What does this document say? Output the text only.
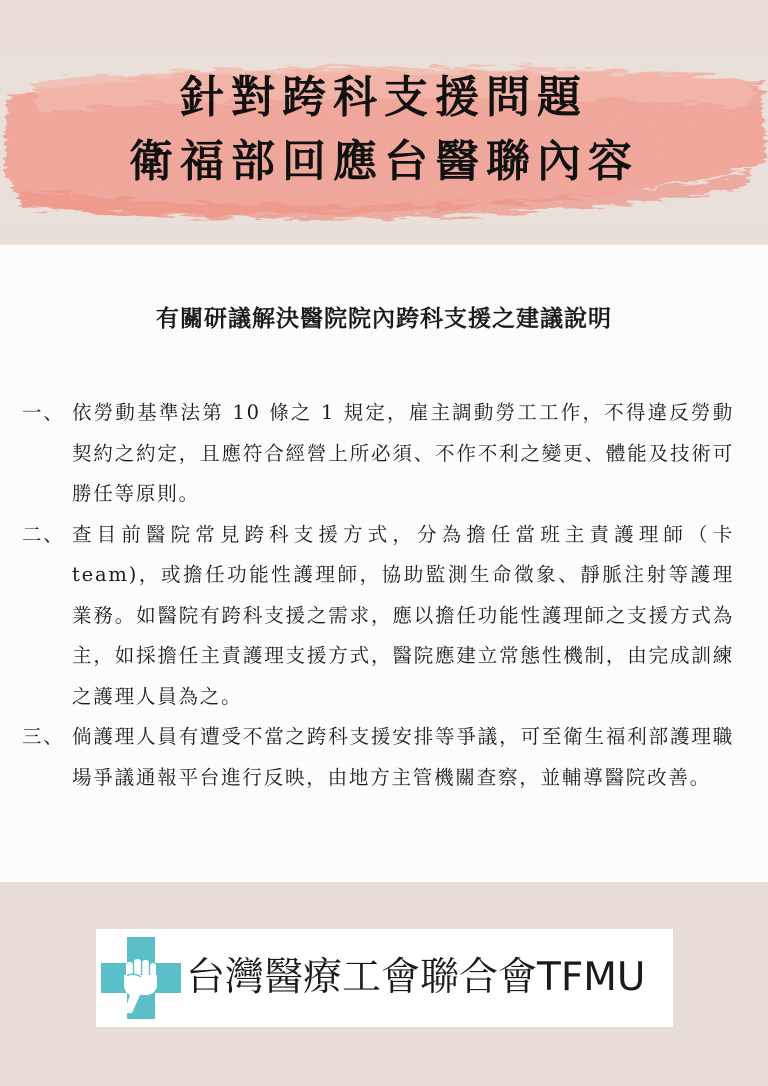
針對跨科支援問題
衛福部回應台醫聯內容
有關研議解決醫院院內跨科支援之建議說明
一、 依勞動基準法第 10 條之 1 規定，雇主調動勞工工作，不得違反勞動契約之約定，且應符合經營上所必須、不作不利之變更、體能及技術可勝任等原則。
二、 查目前醫院常見跨科支援方式，分為擔任當班主責護理師（卡team)，或擔任功能性護理師，協助監測生命徵象、靜脈注射等護理業務。如醫院有跨科支援之需求，應以擔任功能性護理師之支援方式為主，如採擔任主責護理支援方式，醫院應建立常態性機制，由完成訓練之護理人員為之。
三、 倘護理人員有遭受不當之跨科支援安排等爭議，可至衛生福利部護理職場爭議通報平台進行反映，由地方主管機關查察，並輔導醫院改善。
台灣醫療工會聯合會TFMU
